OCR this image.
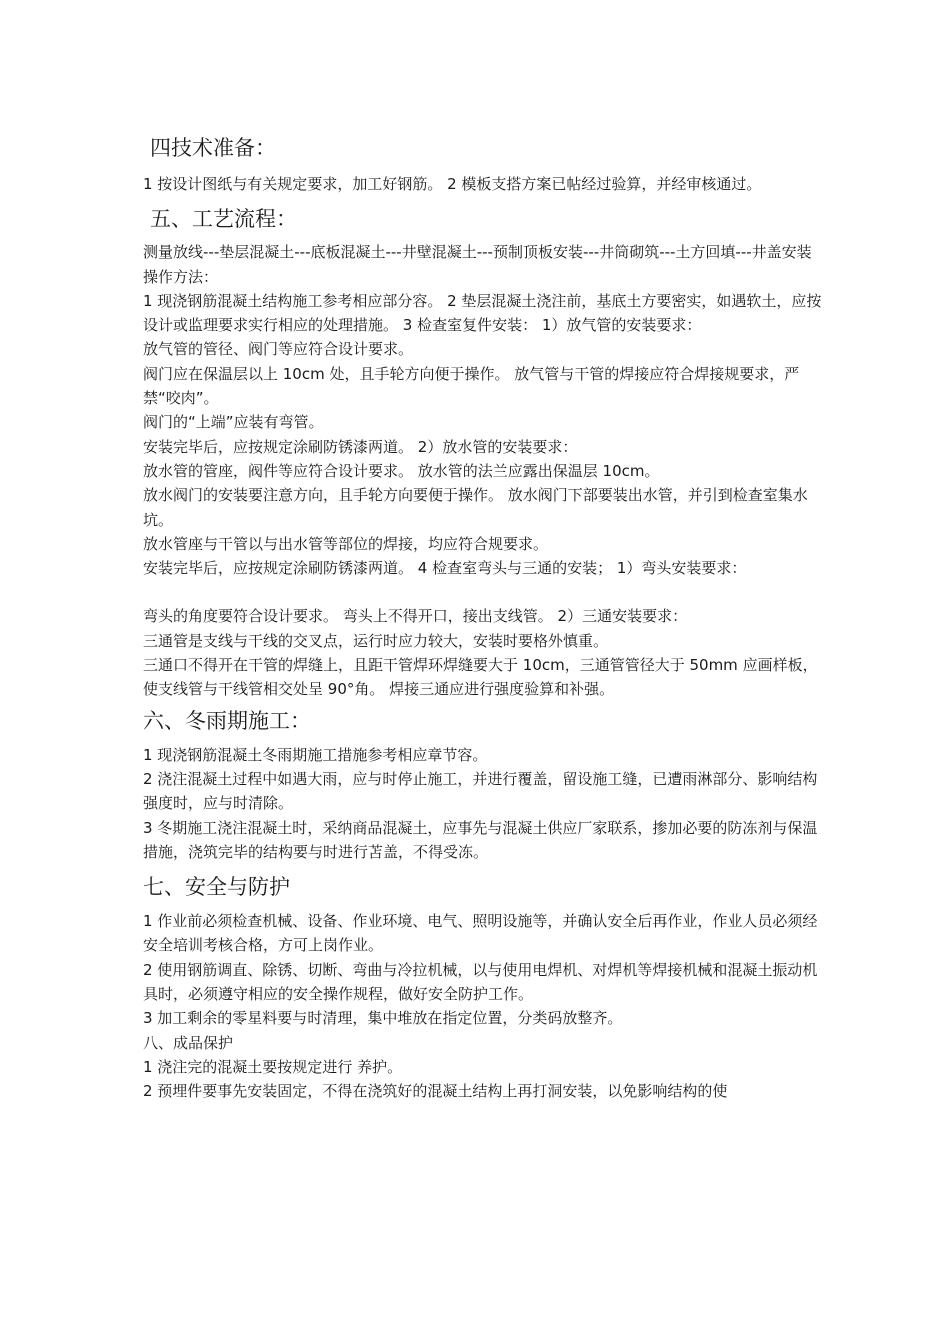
四技术准备：

1 按设计图纸与有关规定要求，加工好钢筋。 2 模板支搭方案已帖经过验算，并经审核通过。

五、工艺流程：

测量放线---垫层混凝土---底板混凝土---井壁混凝土---预制顶板安装---井筒砌筑---土方回填---井盖安装

操作方法：

1 现浇钢筋混凝土结构施工参考相应部分容。 2 垫层混凝土浇注前，基底土方要密实，如遇软土，应按设计或监理要求实行相应的处理措施。 3 检查室复件安装： 1）放气管的安装要求：

放气管的管径、阀门等应符合设计要求。

阀门应在保温层以上 10cm 处，且手轮方向便于操作。 放气管与干管的焊接应符合焊接规要求，严禁“咬肉”。

阀门的“上端”应装有弯管。

安装完毕后，应按规定涂刷防锈漆两道。 2）放水管的安装要求：

放水管的管座，阀件等应符合设计要求。 放水管的法兰应露出保温层 10cm。

放水阀门的安装要注意方向，且手轮方向要便于操作。 放水阀门下部要装出水管，并引到检查室集水坑。

放水管座与干管以与出水管等部位的焊接，均应符合规要求。

安装完毕后，应按规定涂刷防锈漆两道。 4 检查室弯头与三通的安装； 1）弯头安装要求：

弯头的角度要符合设计要求。 弯头上不得开口，接出支线管。 2）三通安装要求：

三通管是支线与干线的交叉点，运行时应力较大，安装时要格外慎重。

三通口不得开在干管的焊缝上，且距干管焊环焊缝要大于 10cm，三通管管径大于 50mm 应画样板，使支线管与干线管相交处呈 90°角。 焊接三通应进行强度验算和补强。

六、冬雨期施工：

1 现浇钢筋混凝土冬雨期施工措施参考相应章节容。

2 浇注混凝土过程中如遇大雨，应与时停止施工，并进行覆盖，留设施工缝，已遭雨淋部分、影响结构强度时，应与时清除。

3 冬期施工浇注混凝土时，采纳商品混凝土，应事先与混凝土供应厂家联系，掺加必要的防冻剂与保温措施，浇筑完毕的结构要与时进行苫盖，不得受冻。

七、安全与防护

1 作业前必须检查机械、设备、作业环境、电气、照明设施等，并确认安全后再作业，作业人员必须经安全培训考核合格，方可上岗作业。

2 使用钢筋调直、除锈、切断、弯曲与冷拉机械，以与使用电焊机、对焊机等焊接机械和混凝土振动机具时，必须遵守相应的安全操作规程，做好安全防护工作。

3 加工剩余的零星料要与时清理，集中堆放在指定位置，分类码放整齐。

八、成品保护

1 浇注完的混凝土要按规定进行 养护。

2 预埋件要事先安装固定，不得在浇筑好的混凝土结构上再打洞安装，以免影响结构的使
